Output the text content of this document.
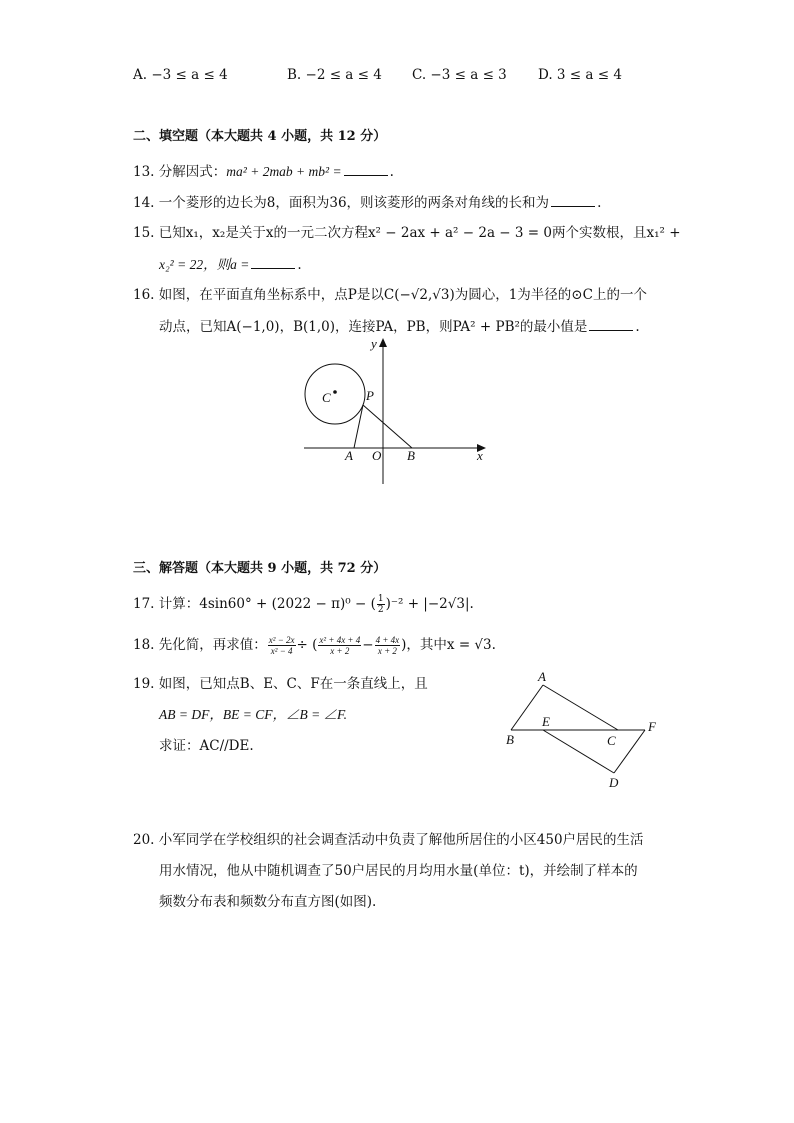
A. −3 ≤ a ≤ 4	B. −2 ≤ a ≤ 4 C. −3 ≤ a ≤ 3 D. 3 ≤ a ≤ 4
二、填空题（本大题共 4 小题，共 12 分）
13. 分解因式：ma² + 2mab + mb² =	.
14. 一个菱形的边长为8，面积为36，则该菱形的两条对角线的长和为	.
15. 已知x₁，x₂是关于x的一元二次方程x² − 2ax + a² − 2a − 3 = 0两个实数根，且x₁² +
x₂² = 22，则a =	.
16. 如图，在平面直角坐标系中，点P是以C(−√2,√3)为圆心，1为半径的⊙C上的一个
动点，已知A(−1,0)，B(1,0)，连接PA，PB，则PA² + PB²的最小值是	.
y
x
C	P
A O B
三、解答题（本大题共 9 小题，共 72 分）
17. 计算：4sin60° + (2022 − π)⁰ − ( $\frac{1}{2} )^{-2} + |-2√3|$.
18. 先化简，再求值： $\frac{\text{x² − 2x}}{\text{x² − 4}}$ ÷ ( $\frac{\text{x² + 4x + 4}}{x + 2} - \frac{4 + 4x}{x + 2}$ )，其中x = √3.
19. 如图，已知点B、E、C、F在一条直线上，且
AB = DF，BE = CF，∠B = ∠F.
求证：AC//DE.
A
E	F
B	C
D
20. 小军同学在学校组织的社会调查活动中负责了解他所居住的小区450户居民的生活
用水情况，他从中随机调查了50户居民的月均用水量(单位：t)，并绘制了样本的
频数分布表和频数分布直方图(如图).
